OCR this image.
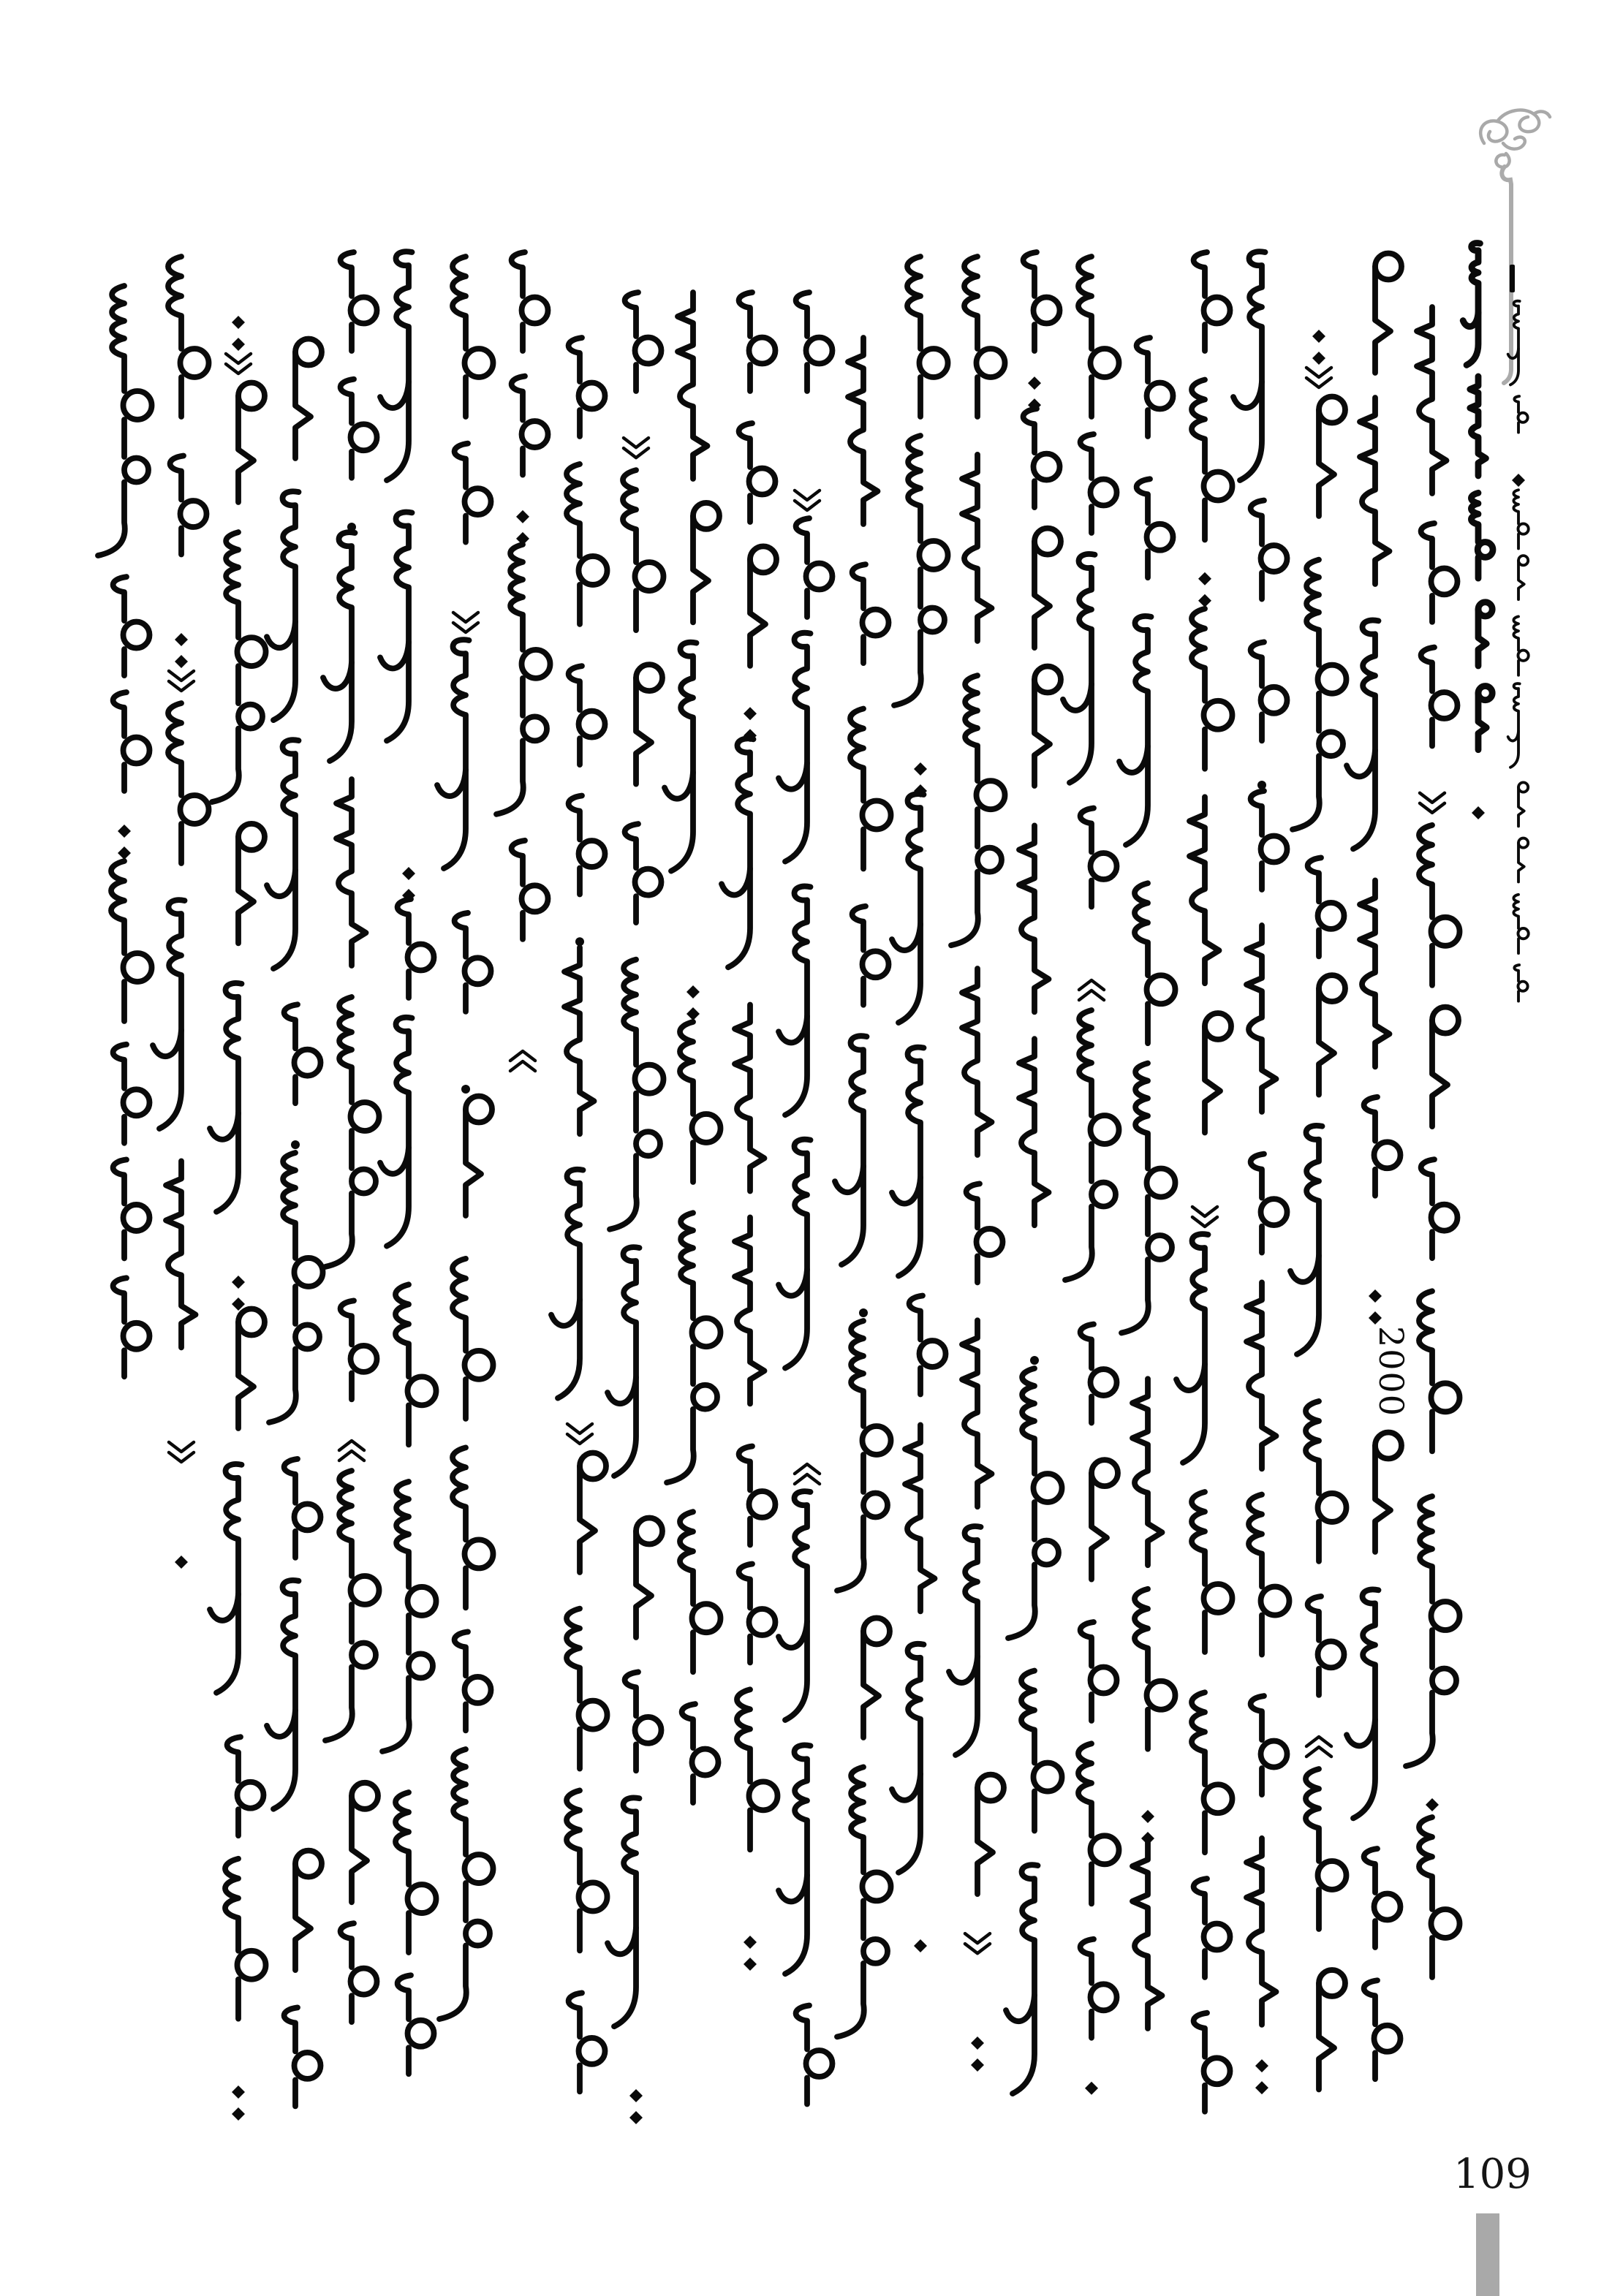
2000
109
